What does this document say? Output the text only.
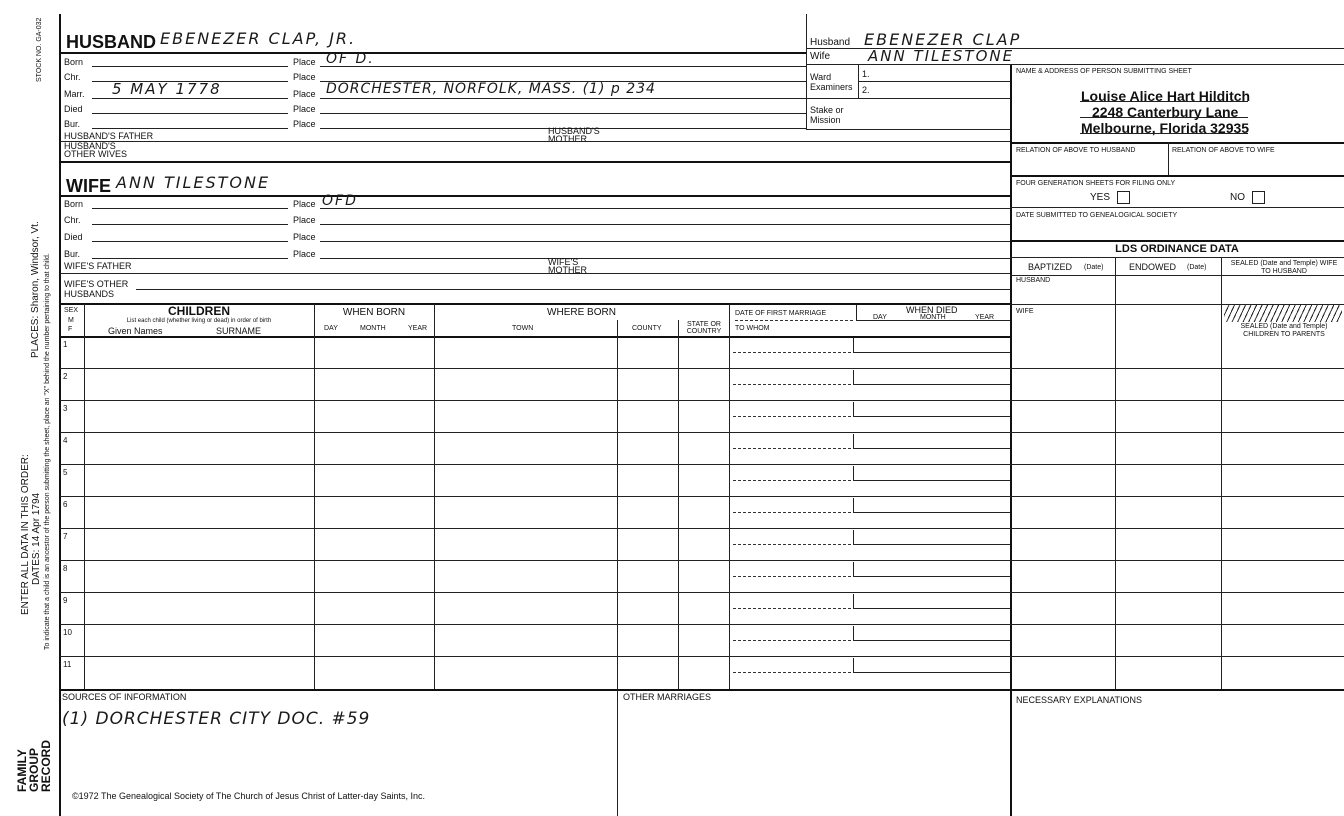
STOCK NO. GA-032
PLACES: Sharon, Windsor, Vt. To indicate that a child is an ancestor of the person submitting the sheet, place an "X" behind the number pertaining to that child.
ENTER ALL DATA IN THIS ORDER: DATES: 14 Apr 1794
FAMILY GROUP RECORD
HUSBAND EBENEZER CLAP, JR.
Born	Place OF D.
Chr.	Place
Marr. 5 MAY 1778	Place DORCHESTER, NORFOLK, MASS. (1) p 234
Died	Place
Bur.	Place
HUSBAND'S FATHER	HUSBAND'S MOTHER
HUSBAND'S OTHER WIVES
WIFE ANN TILESTONE
Born	Place OFD
Chr.	Place
Died	Place
Bur.	Place
WIFE'S FATHER	WIFE'S MOTHER
WIFE'S OTHER HUSBANDS
Husband EBENEZER CLAP
Wife	ANN TILESTONE
Ward
Examiners
1.
2.
Stake or Mission
NAME & ADDRESS OF PERSON SUBMITTING SHEET
Louise Alice Hart Hilditch
2248 Canterbury Lane
Melbourne, Florida 32935
RELATION OF ABOVE TO HUSBAND	RELATION OF ABOVE TO WIFE
FOUR GENERATION SHEETS FOR FILING ONLY
YES	NO
DATE SUBMITTED TO GENEALOGICAL SOCIETY
LDS ORDINANCE DATA
BAPTIZED (Date)	ENDOWED (Date)
SEALED (Date and Temple) WIFE TO HUSBAND
HUSBAND
WIFE
SEALED (Date and Temple) CHILDREN TO PARENTS
SEX
M
F
CHILDREN
List each child (whether living or dead) in order of birth
Given Names	SURNAME
WHEN BORN
DAY	MONTH	YEAR
WHERE BORN
TOWN	COUNTY
STATE OR COUNTRY
DATE OF FIRST MARRIAGE
TO WHOM
WHEN DIED
DAY	MONTH	YEAR
1
2
3
4
5
6
7
8
9
10
11
SOURCES OF INFORMATION
(1) DORCHESTER CITY DOC. #59
OTHER MARRIAGES	NECESSARY EXPLANATIONS
©1972 The Genealogical Society of The Church of Jesus Christ of Latter-day Saints, Inc.
